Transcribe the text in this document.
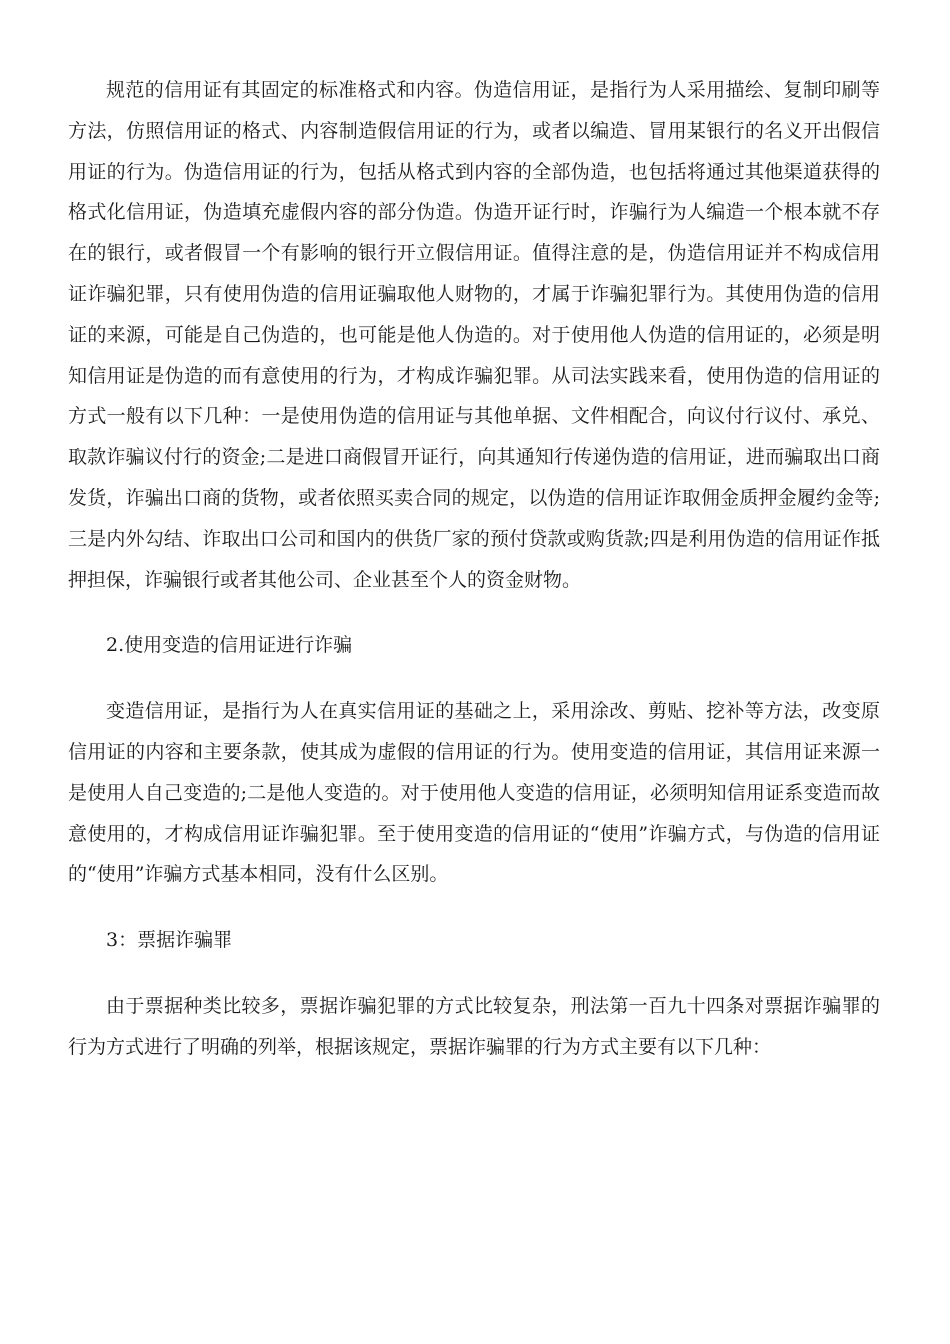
规范的信用证有其固定的标准格式和内容。伪造信用证，是指行为人采用描绘、复制印刷等方法，仿照信用证的格式、内容制造假信用证的行为，或者以编造、冒用某银行的名义开出假信用证的行为。伪造信用证的行为，包括从格式到内容的全部伪造，也包括将通过其他渠道获得的格式化信用证，伪造填充虚假内容的部分伪造。伪造开证行时，诈骗行为人编造一个根本就不存在的银行，或者假冒一个有影响的银行开立假信用证。值得注意的是，伪造信用证并不构成信用证诈骗犯罪，只有使用伪造的信用证骗取他人财物的，才属于诈骗犯罪行为。其使用伪造的信用证的来源，可能是自己伪造的，也可能是他人伪造的。对于使用他人伪造的信用证的，必须是明知信用证是伪造的而有意使用的行为，才构成诈骗犯罪。从司法实践来看，使用伪造的信用证的方式一般有以下几种：一是使用伪造的信用证与其他单据、文件相配合，向议付行议付、承兑、取款诈骗议付行的资金;二是进口商假冒开证行，向其通知行传递伪造的信用证，进而骗取出口商发货，诈骗出口商的货物，或者依照买卖合同的规定，以伪造的信用证诈取佣金质押金履约金等;三是内外勾结、诈取出口公司和国内的供货厂家的预付贷款或购货款;四是利用伪造的信用证作抵押担保，诈骗银行或者其他公司、企业甚至个人的资金财物。

2.使用变造的信用证进行诈骗

变造信用证，是指行为人在真实信用证的基础之上，采用涂改、剪贴、挖补等方法，改变原信用证的内容和主要条款，使其成为虚假的信用证的行为。使用变造的信用证，其信用证来源一是使用人自己变造的;二是他人变造的。对于使用他人变造的信用证，必须明知信用证系变造而故意使用的，才构成信用证诈骗犯罪。至于使用变造的信用证的“使用”诈骗方式，与伪造的信用证的“使用”诈骗方式基本相同，没有什么区别。

3：票据诈骗罪

由于票据种类比较多，票据诈骗犯罪的方式比较复杂，刑法第一百九十四条对票据诈骗罪的行为方式进行了明确的列举，根据该规定，票据诈骗罪的行为方式主要有以下几种：
